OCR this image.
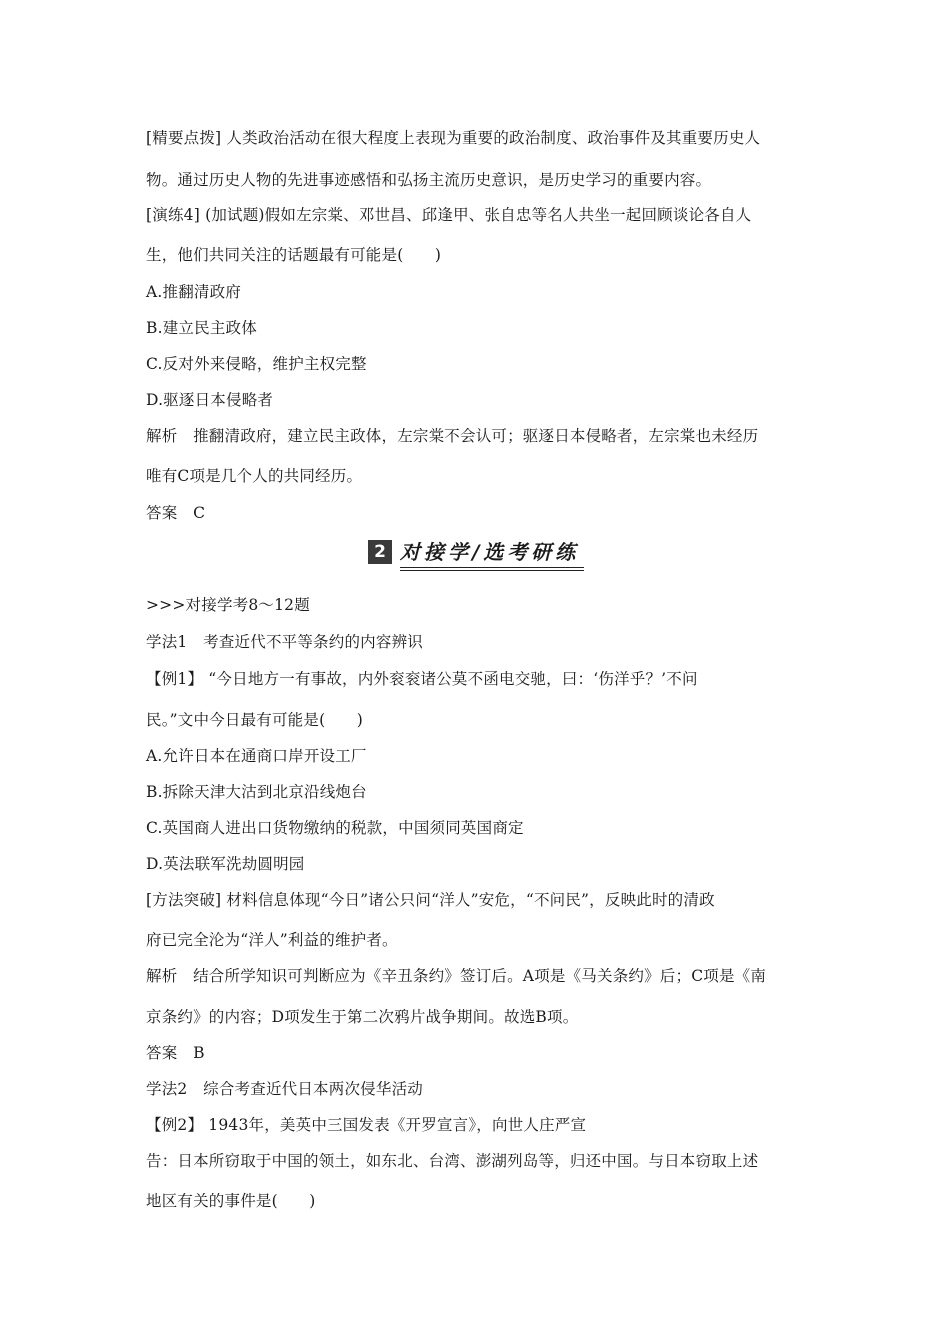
[精要点拨] 人类政治活动在很大程度上表现为重要的政治制度、政治事件及其重要历史人
物。通过历史人物的先进事迹感悟和弘扬主流历史意识，是历史学习的重要内容。
[演练4] (加试题)假如左宗棠、邓世昌、邱逢甲、张自忠等名人共坐一起回顾谈论各自人
生，他们共同关注的话题最有可能是(　　)
A.推翻清政府
B.建立民主政体
C.反对外来侵略，维护主权完整
D.驱逐日本侵略者
解析　推翻清政府，建立民主政体，左宗棠不会认可；驱逐日本侵略者，左宗棠也未经历
唯有C项是几个人的共同经历。
答案　C
2 对接学/选考研练
>>>对接学考8～12题
学法1　考查近代不平等条约的内容辨识
【例1】 “今日地方一有事故，内外衮衮诸公莫不函电交驰，曰：‘伤洋乎？’不问
民。”文中今日最有可能是(　　)
A.允许日本在通商口岸开设工厂
B.拆除天津大沽到北京沿线炮台
C.英国商人进出口货物缴纳的税款，中国须同英国商定
D.英法联军洗劫圆明园
[方法突破] 材料信息体现“今日”诸公只问“洋人”安危，“不问民”，反映此时的清政
府已完全沦为“洋人”利益的维护者。
解析　结合所学知识可判断应为《辛丑条约》签订后。A项是《马关条约》后；C项是《南
京条约》的内容；D项发生于第二次鸦片战争期间。故选B项。
答案　B
学法2　综合考查近代日本两次侵华活动
【例2】 1943年，美英中三国发表《开罗宣言》，向世人庄严宣
告：日本所窃取于中国的领土，如东北、台湾、澎湖列岛等，归还中国。与日本窃取上述
地区有关的事件是(　　)
